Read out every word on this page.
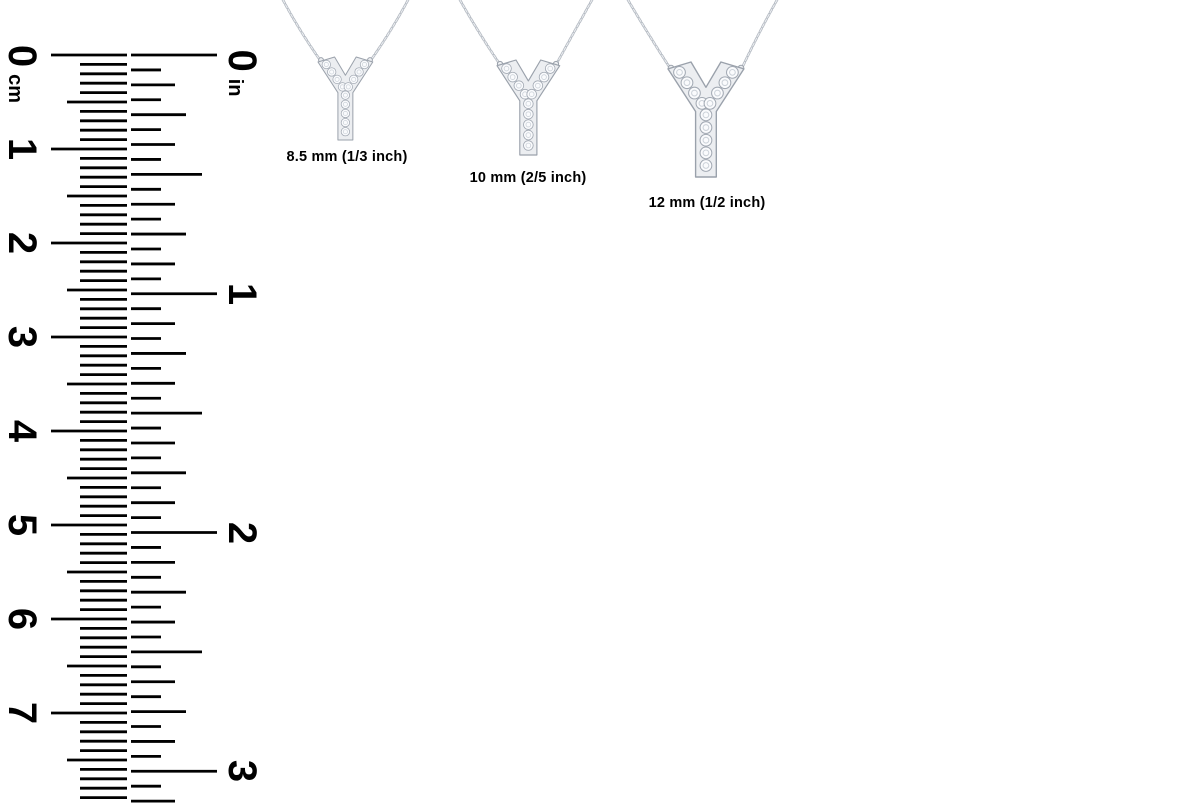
0
cm
1
2
3
4
5
6
7
0
in
1
2
3
8.5 mm (1/3 inch)
10 mm (2/5 inch)
12 mm (1/2 inch)
